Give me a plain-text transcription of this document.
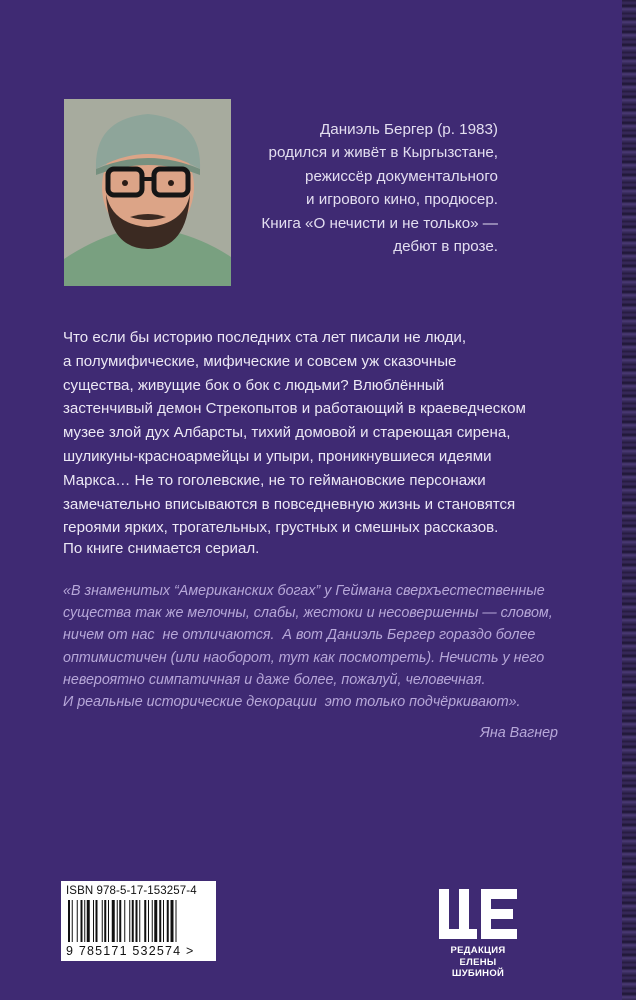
Даниэль Бергер (р. 1983)
родился и живёт в Кыргызстане,
режиссёр документального
и игрового кино, продюсер.
Книга «О нечисти и не только» —
дебют в прозе.
Что если бы историю последних ста лет писали не люди,
а полумифические, мифические и совсем уж сказочные
существа, живущие бок о бок с людьми? Влюблённый
застенчивый демон Стрекопытов и работающий в краеведческом
музее злой дух Албарсты, тихий домовой и стареющая сирена,
шуликуны-красноармейцы и упыри, проникнувшиеся идеями
Маркса… Не то гоголевские, не то геймановские персонажи
замечательно вписываются в повседневную жизнь и становятся
героями ярких, трогательных, грустных и смешных рассказов.
По книге снимается сериал.
«В знаменитых “Американских богах” у Геймана сверхъестественные
существа так же мелочны, слабы, жестоки и несовершенны — словом,
ничем от нас  не отличаются.  А вот Даниэль Бергер гораздо более
оптимистичен (или наоборот, тут как посмотреть). Нечисть у него
невероятно симпатичная и даже более, пожалуй, человечная.
И реальные исторические декорации  это только подчёркивают».
Яна Вагнер
ISBN 978-5-17-153257-4
9 785171 532574 >	РЕДАКЦИЯ
ЕЛЕНЫ ШУБИНОЙ
